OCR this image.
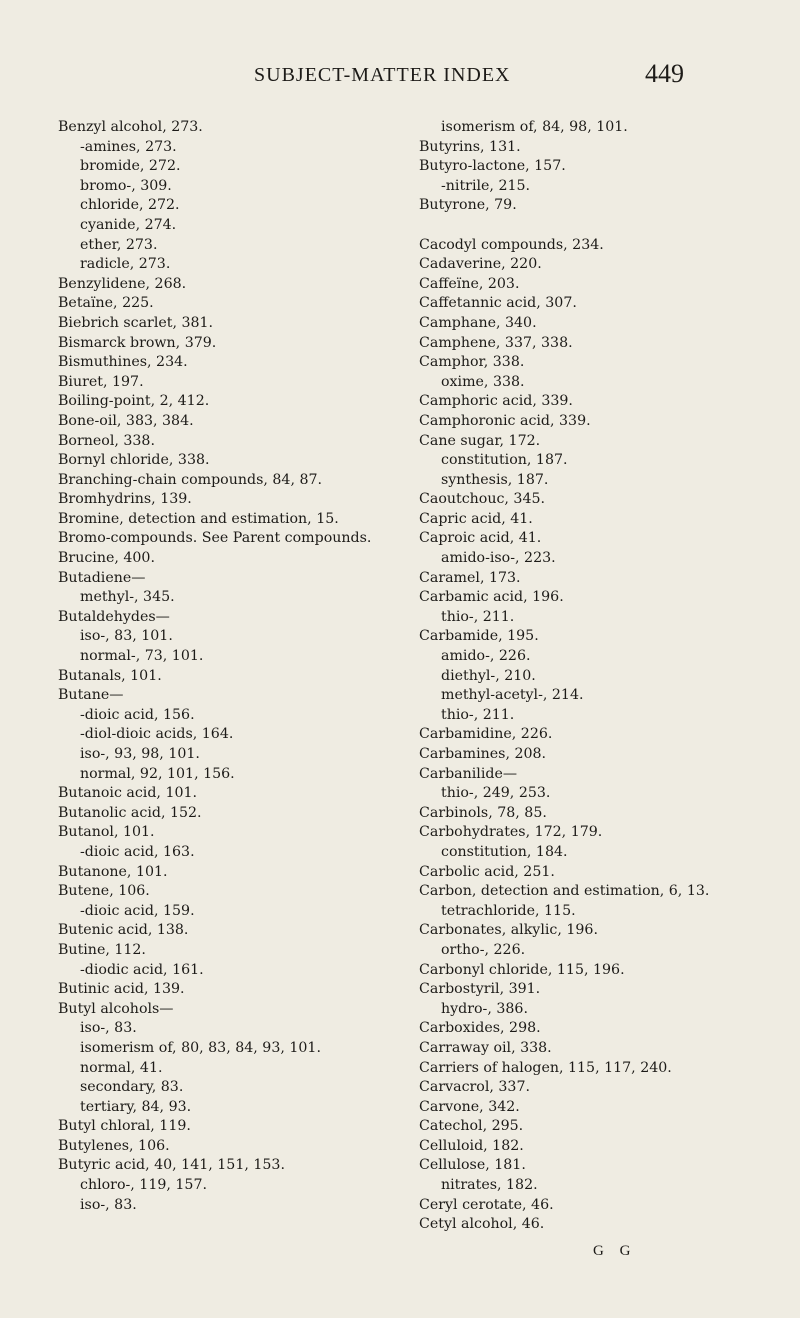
SUBJECT-MATTER INDEX	449
Benzyl alcohol, 273.
-amines, 273.
bromide, 272.
bromo-, 309.
chloride, 272.
cyanide, 274.
ether, 273.
radicle, 273.
Benzylidene, 268.
Betaïne, 225.
Biebrich scarlet, 381.
Bismarck brown, 379.
Bismuthines, 234.
Biuret, 197.
Boiling-point, 2, 412.
Bone-oil, 383, 384.
Borneol, 338.
Bornyl chloride, 338.
Branching-chain compounds, 84, 87.
Bromhydrins, 139.
Bromine, detection and estimation, 15.
Bromo-compounds. See Parent compounds.
Brucine, 400.
Butadiene—
methyl-, 345.
Butaldehydes—
iso-, 83, 101.
normal-, 73, 101.
Butanals, 101.
Butane—
-dioic acid, 156.
-diol-dioic acids, 164.
iso-, 93, 98, 101.
normal, 92, 101, 156.
Butanoic acid, 101.
Butanolic acid, 152.
Butanol, 101.
-dioic acid, 163.
Butanone, 101.
Butene, 106.
-dioic acid, 159.
Butenic acid, 138.
Butine, 112.
-diodic acid, 161.
Butinic acid, 139.
Butyl alcohols—
iso-, 83.
isomerism of, 80, 83, 84, 93, 101.
normal, 41.
secondary, 83.
tertiary, 84, 93.
Butyl chloral, 119.
Butylenes, 106.
Butyric acid, 40, 141, 151, 153.
chloro-, 119, 157.
iso-, 83.
isomerism of, 84, 98, 101.
Butyrins, 131.
Butyro-lactone, 157.
-nitrile, 215.
Butyrone, 79.
Cacodyl compounds, 234.
Cadaverine, 220.
Caffeïne, 203.
Caffetannic acid, 307.
Camphane, 340.
Camphene, 337, 338.
Camphor, 338.
oxime, 338.
Camphoric acid, 339.
Camphoronic acid, 339.
Cane sugar, 172.
constitution, 187.
synthesis, 187.
Caoutchouc, 345.
Capric acid, 41.
Caproic acid, 41.
amido-iso-, 223.
Caramel, 173.
Carbamic acid, 196.
thio-, 211.
Carbamide, 195.
amido-, 226.
diethyl-, 210.
methyl-acetyl-, 214.
thio-, 211.
Carbamidine, 226.
Carbamines, 208.
Carbanilide—
thio-, 249, 253.
Carbinols, 78, 85.
Carbohydrates, 172, 179.
constitution, 184.
Carbolic acid, 251.
Carbon, detection and estimation, 6, 13.
tetrachloride, 115.
Carbonates, alkylic, 196.
ortho-, 226.
Carbonyl chloride, 115, 196.
Carbostyril, 391.
hydro-, 386.
Carboxides, 298.
Carraway oil, 338.
Carriers of halogen, 115, 117, 240.
Carvacrol, 337.
Carvone, 342.
Catechol, 295.
Celluloid, 182.
Cellulose, 181.
nitrates, 182.
Ceryl cerotate, 46.
Cetyl alcohol, 46.
G G
